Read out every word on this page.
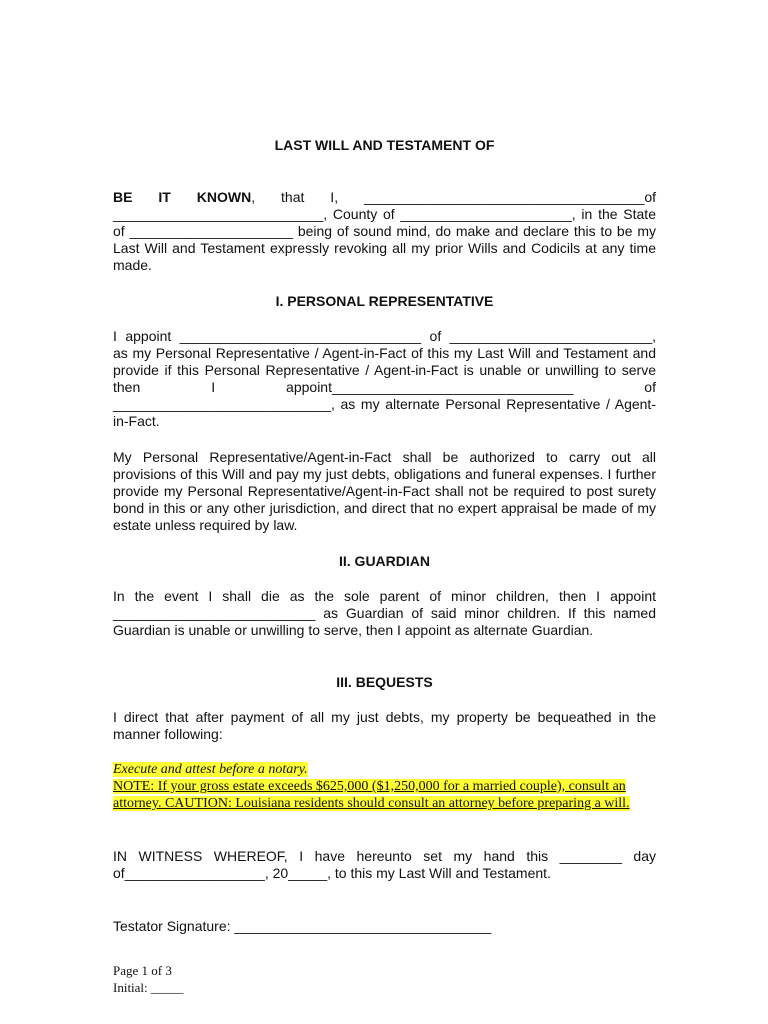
LAST WILL AND TESTAMENT OF

BE IT KNOWN, that I, ____________________________________of ___________________________, County of ______________________, in the State of _____________________ being of sound mind, do make and declare this to be my Last Will and Testament expressly revoking all my prior Wills and Codicils at any time made.

I. PERSONAL REPRESENTATIVE

I appoint _______________________________ of __________________________, as my Personal Representative / Agent-in-Fact of this my Last Will and Testament and provide if this Personal Representative / Agent-in-Fact is unable or unwilling to serve then I appoint_______________________________ of ____________________________, as my alternate Personal Representative / Agent-in-Fact.

My Personal Representative/Agent-in-Fact shall be authorized to carry out all provisions of this Will and pay my just debts, obligations and funeral expenses. I further provide my Personal Representative/Agent-in-Fact shall not be required to post surety bond in this or any other jurisdiction, and direct that no expert appraisal be made of my estate unless required by law.

II. GUARDIAN

In the event I shall die as the sole parent of minor children, then I appoint __________________________ as Guardian of said minor children. If this named Guardian is unable or unwilling to serve, then I appoint as alternate Guardian.

III. BEQUESTS

I direct that after payment of all my just debts, my property be bequeathed in the manner following:

Execute and attest before a notary.
NOTE: If your gross estate exceeds $625,000 ($1,250,000 for a married couple), consult an attorney. CAUTION: Louisiana residents should consult an attorney before preparing a will.

IN WITNESS WHEREOF, I have hereunto set my hand this ________ day of__________________, 20_____, to this my Last Will and Testament.

Testator Signature: _________________________________
Page 1 of 3
Initial: _____
